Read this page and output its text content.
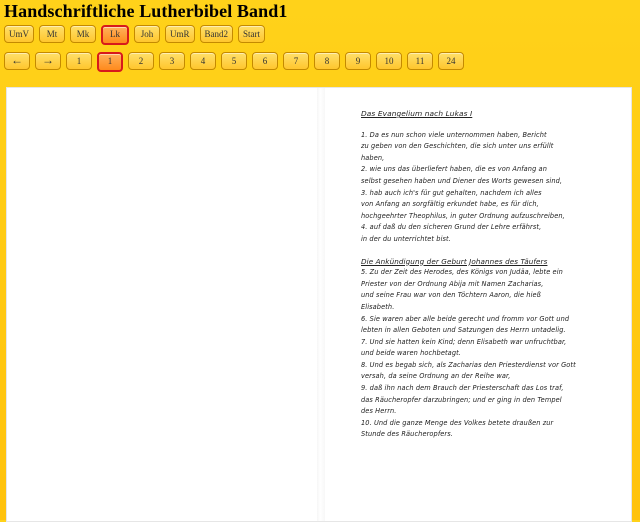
Handschriftliche Lutherbibel Band1
UmV	Mt	Mk	Lk	Joh	UmR	Band2	Start
←	→	1	1	2	3	4	5	6	7	8	9	10	11	24
Das Evangelium nach Lukas I
1. Da es nun schon viele unternommen haben, Bericht
zu geben von den Geschichten, die sich unter uns erfüllt
haben,
2. wie uns das überliefert haben, die es von Anfang an
selbst gesehen haben und Diener des Worts gewesen sind,
3. hab auch ich's für gut gehalten, nachdem ich alles
von Anfang an sorgfältig erkundet habe, es für dich,
hochgeehrter Theophilus, in guter Ordnung aufzuschreiben,
4. auf daß du den sicheren Grund der Lehre erfährst,
in der du unterrichtet bist.
Die Ankündigung der Geburt Johannes des Täufers
5. Zu der Zeit des Herodes, des Königs von Judäa, lebte ein
Priester von der Ordnung Abija mit Namen Zacharias,
und seine Frau war von den Töchtern Aaron, die hieß
Elisabeth.
6. Sie waren aber alle beide gerecht und fromm vor Gott und
lebten in allen Geboten und Satzungen des Herrn untadelig.
7. Und sie hatten kein Kind; denn Elisabeth war unfruchtbar,
und beide waren hochbetagt.
8. Und es begab sich, als Zacharias den Priesterdienst vor Gott
versah, da seine Ordnung an der Reihe war,
9. daß ihn nach dem Brauch der Priesterschaft das Los traf,
das Räucheropfer darzubringen; und er ging in den Tempel
des Herrn.
10. Und die ganze Menge des Volkes betete draußen zur
Stunde des Räucheropfers.
